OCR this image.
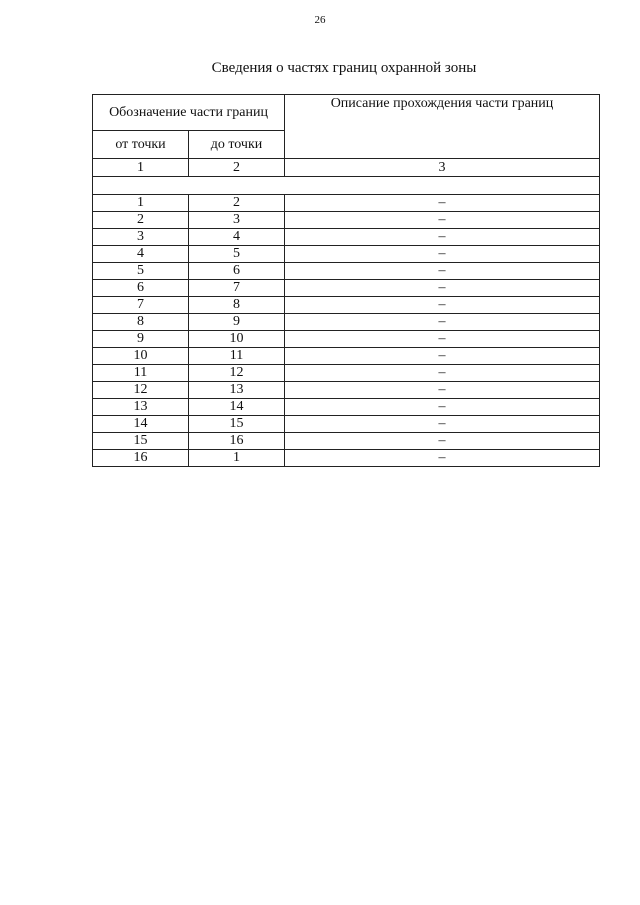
26
Сведения о частях границ охранной зоны
Обозначение части границ		Описание прохождения части границ
от точки	до точки	
1	2	3

1	2	–
2	3	–
3	4	–
4	5	–
5	6	–
6	7	–
7	8	–
8	9	–
9	10	–
10	11	–
11	12	–
12	13	–
13	14	–
14	15	–
15	16	–
16	1	–
